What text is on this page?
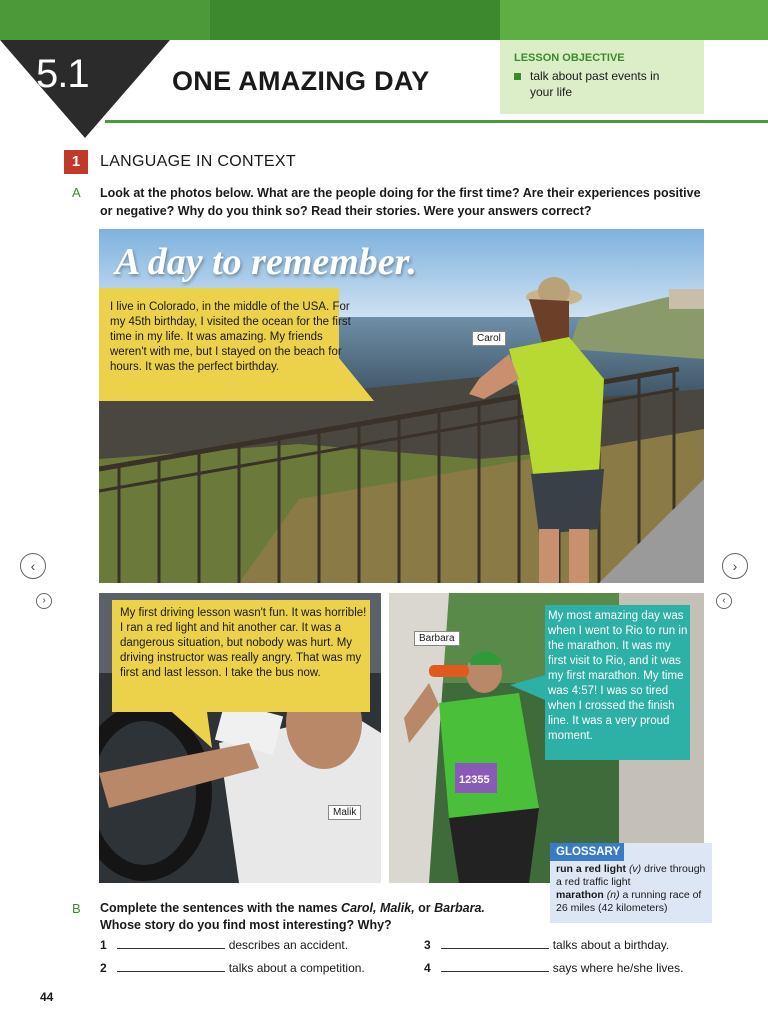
5.1	ONE AMAZING DAY
LESSON OBJECTIVE
talk about past events in
your life
1	LANGUAGE IN CONTEXT
A Look at the photos below. What are the people doing for the first time? Are their experiences positive or negative? Why do you think so? Read their stories. Were your answers correct?
A day to remember.
I live in Colorado, in the middle of the USA. For my 45th birthday, I visited the ocean for the first time in my life. It was amazing. My friends weren't with me, but I stayed on the beach for hours. It was the perfect birthday.
Carol
My first driving lesson wasn't fun. It was horrible! I ran a red light and hit another car. It was a dangerous situation, but nobody was hurt. My driving instructor was really angry. That was my first and last lesson. I take the bus now.
Malik
12355
My most amazing day was when I went to Rio to run in the marathon. It was my first visit to Rio, and it was my first marathon. My time was 4:57! I was so tired when I crossed the finish line. It was a very proud moment.
Barbara
‹	›
›	‹
GLOSSARY
run a red light (v) drive through a red traffic light
marathon (n) a running race of 26 miles (42 kilometers)
B Complete the sentences with the names Carol, Malik, or Barbara.
Whose story do you find most interesting? Why?
1	describes an accident.
2	talks about a competition.
3	talks about a birthday.
4	says where he/she lives.
44
